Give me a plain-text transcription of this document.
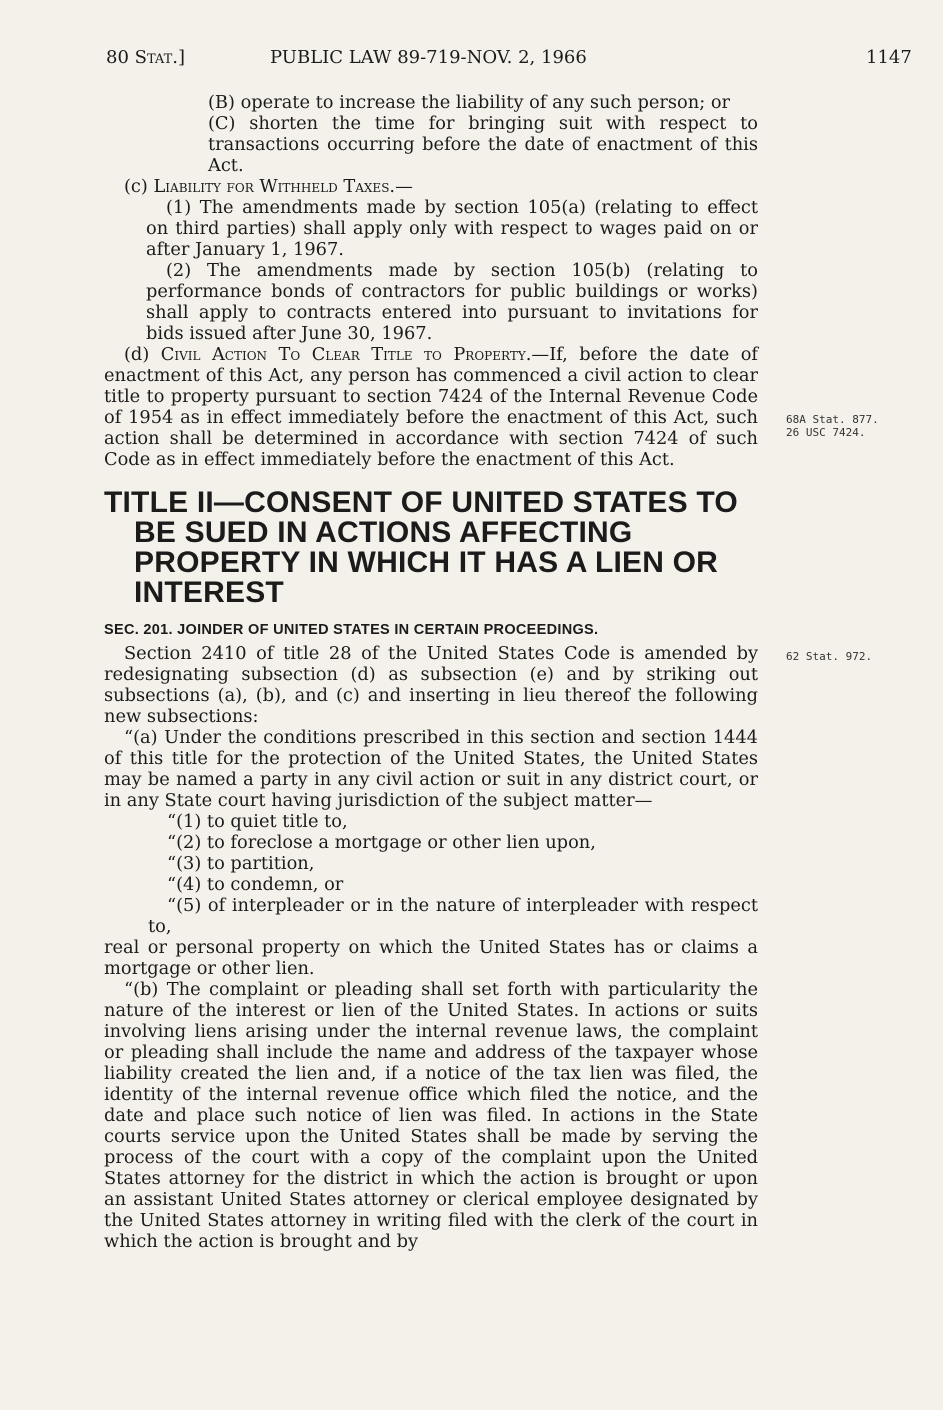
80 Stat.]	PUBLIC LAW 89-719-NOV. 2, 1966	1147
68A Stat. 877.
26 USC 7424.
62 Stat. 972.

(B) operate to increase the liability of any such person; or

(C) shorten the time for bringing suit with respect to transactions occurring before the date of enactment of this Act.

(c) Liability for Withheld Taxes.—

(1) The amendments made by section 105(a) (relating to effect on third parties) shall apply only with respect to wages paid on or after January 1, 1967.

(2) The amendments made by section 105(b) (relating to performance bonds of contractors for public buildings or works) shall apply to contracts entered into pursuant to invitations for bids issued after June 30, 1967.

(d) Civil Action To Clear Title to Property.—If, before the date of enactment of this Act, any person has commenced a civil action to clear title to property pursuant to section 7424 of the Internal Revenue Code of 1954 as in effect immediately before the enactment of this Act, such action shall be determined in accordance with section 7424 of such Code as in effect immediately before the enactment of this Act.

TITLE II—CONSENT OF UNITED STATES TO BE SUED IN ACTIONS AFFECTING PROPERTY IN WHICH IT HAS A LIEN OR INTEREST

SEC. 201. JOINDER OF UNITED STATES IN CERTAIN PROCEEDINGS.

Section 2410 of title 28 of the United States Code is amended by redesignating subsection (d) as subsection (e) and by striking out subsections (a), (b), and (c) and inserting in lieu thereof the following new subsections:

“(a) Under the conditions prescribed in this section and section 1444 of this title for the protection of the United States, the United States may be named a party in any civil action or suit in any district court, or in any State court having jurisdiction of the subject matter—

“(1) to quiet title to,

“(2) to foreclose a mortgage or other lien upon,

“(3) to partition,

“(4) to condemn, or

“(5) of interpleader or in the nature of interpleader with respect to,

real or personal property on which the United States has or claims a mortgage or other lien.

“(b) The complaint or pleading shall set forth with particularity the nature of the interest or lien of the United States. In actions or suits involving liens arising under the internal revenue laws, the complaint or pleading shall include the name and address of the taxpayer whose liability created the lien and, if a notice of the tax lien was filed, the identity of the internal revenue office which filed the notice, and the date and place such notice of lien was filed. In actions in the State courts service upon the United States shall be made by serving the process of the court with a copy of the complaint upon the United States attorney for the district in which the action is brought or upon an assistant United States attorney or clerical employee designated by the United States attorney in writing filed with the clerk of the court in which the action is brought and by
